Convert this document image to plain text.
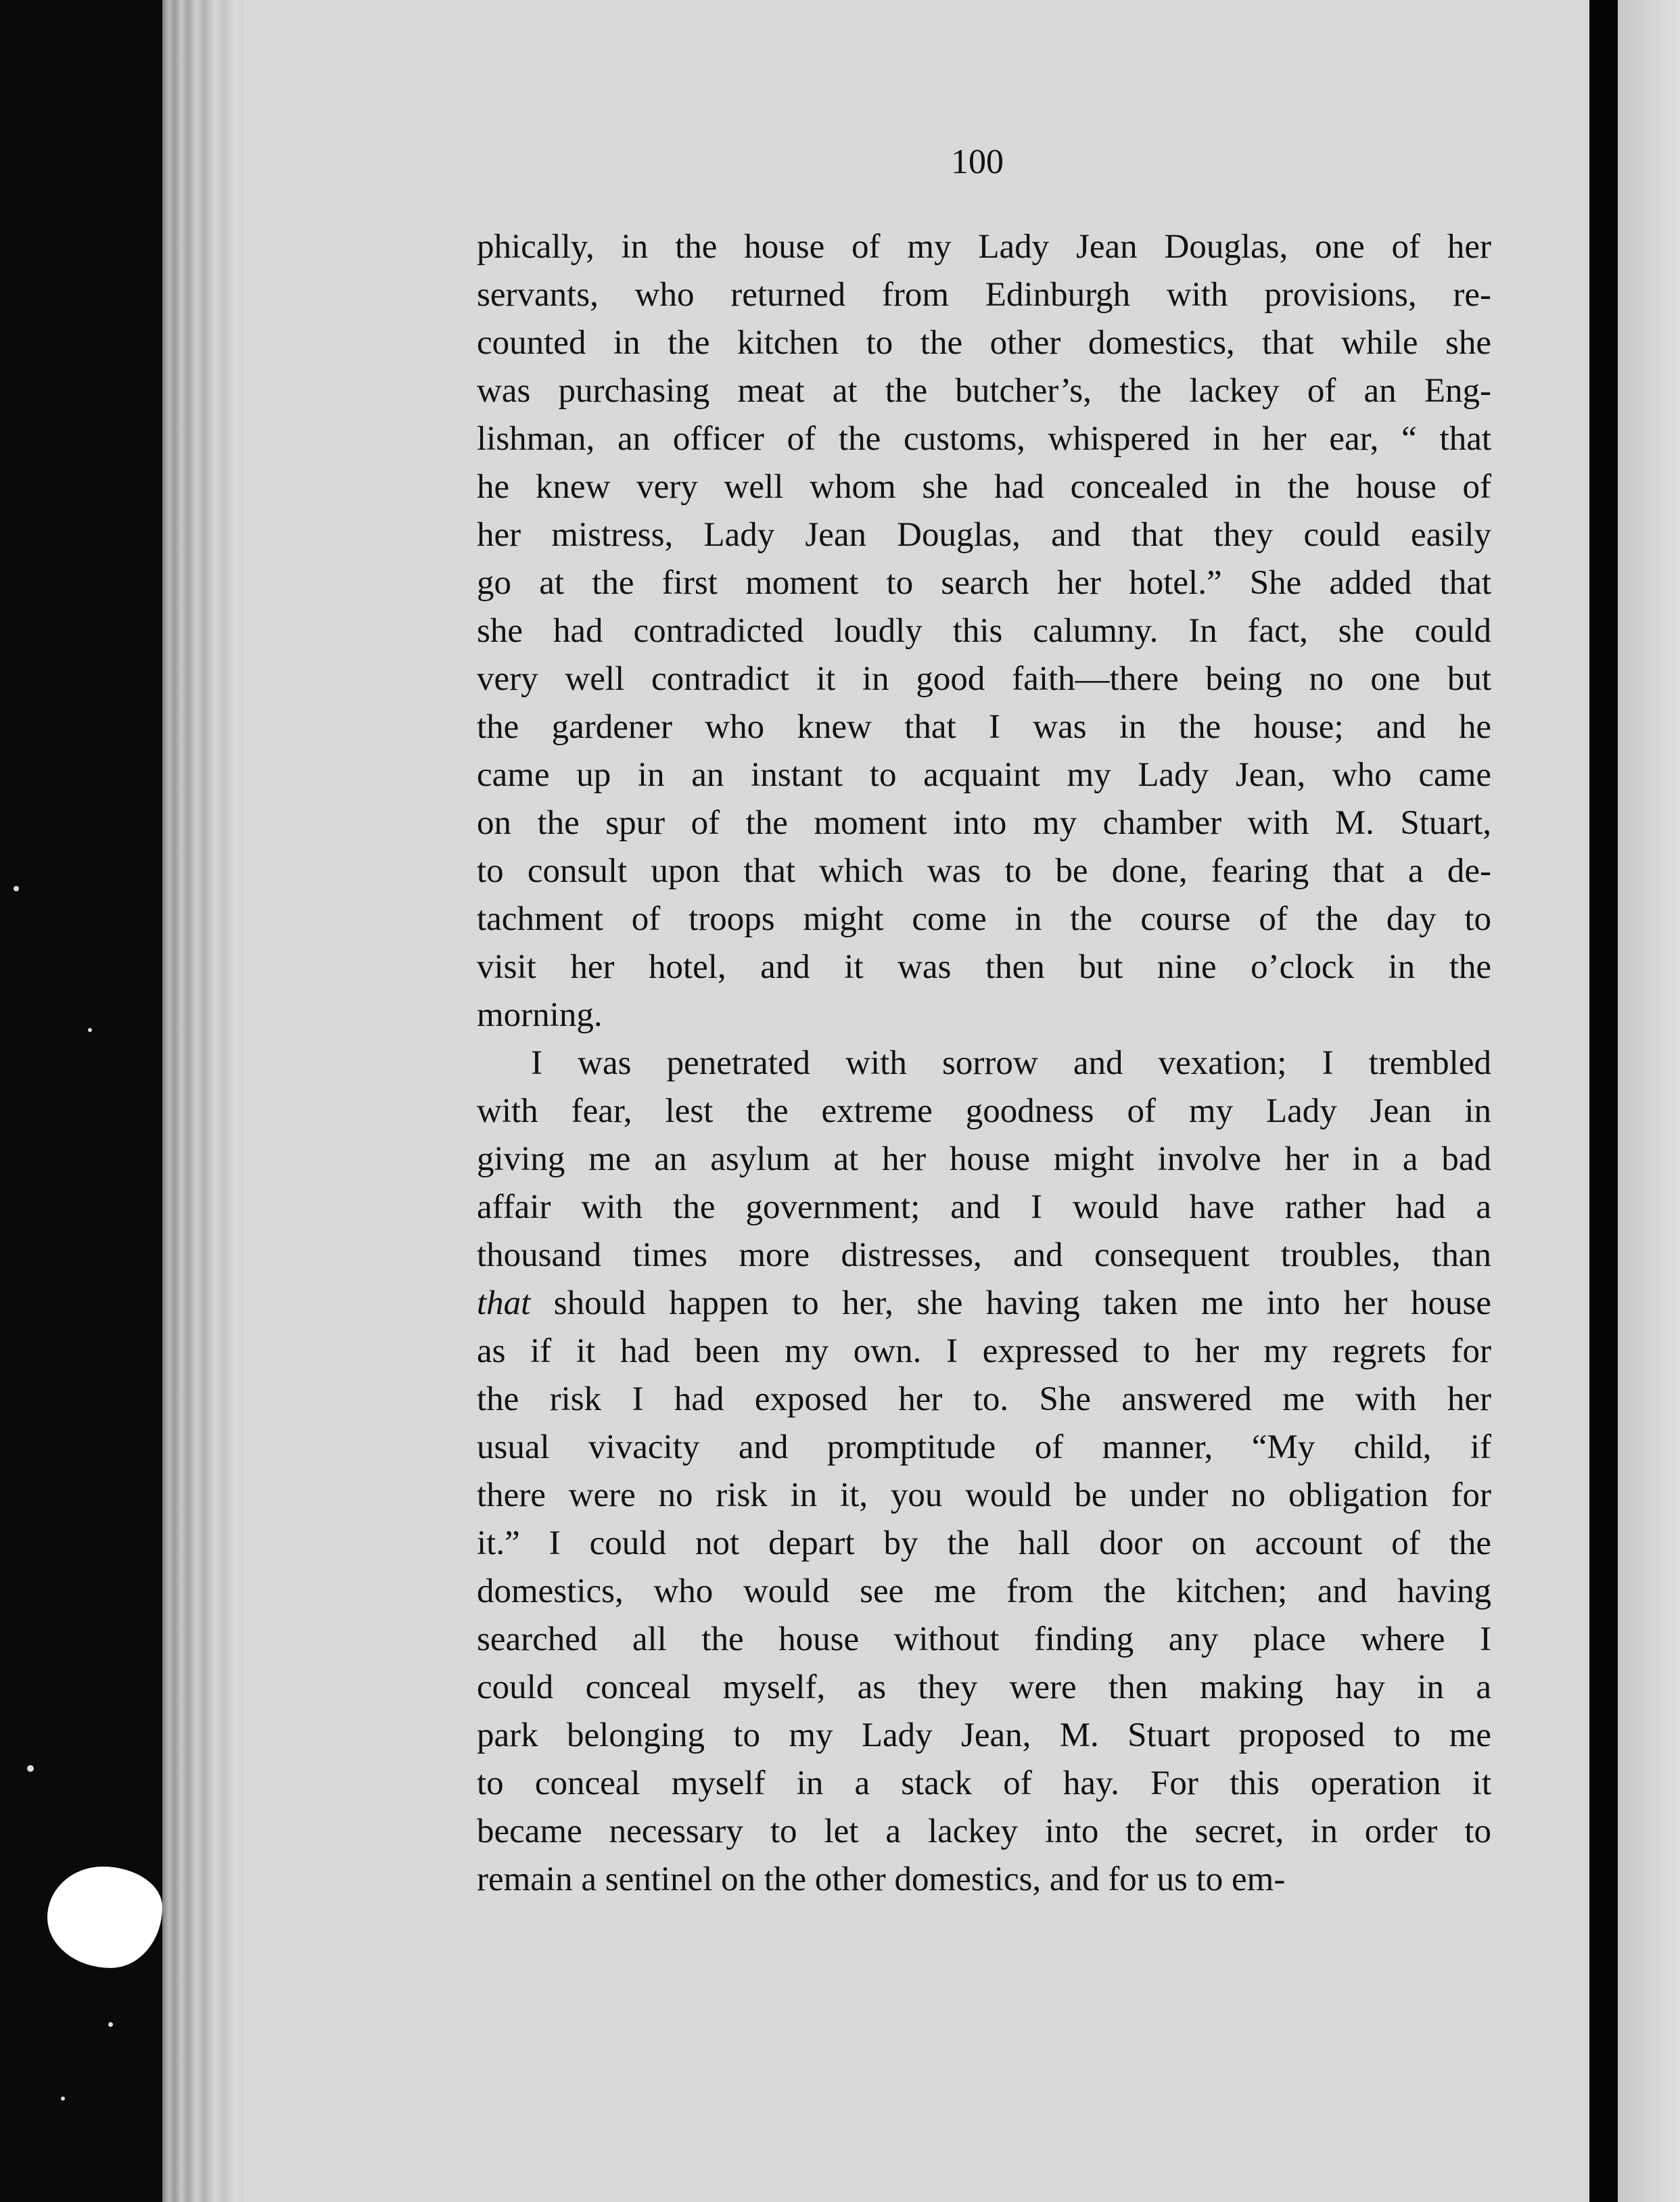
100

phically, in the house of my Lady Jean Douglas, one of her
servants, who returned from Edinburgh with provisions, re-
counted in the kitchen to the other domestics, that while she
was purchasing meat at the butcher’s, the lackey of an Eng-
lishman, an officer of the customs, whispered in her ear, “ that
he knew very well whom she had concealed in the house of
her mistress, Lady Jean Douglas, and that they could easily
go at the first moment to search her hotel.” She added that
she had contradicted loudly this calumny. In fact, she could
very well contradict it in good faith—there being no one but
the gardener who knew that I was in the house; and he
came up in an instant to acquaint my Lady Jean, who came
on the spur of the moment into my chamber with M. Stuart,
to consult upon that which was to be done, fearing that a de-
tachment of troops might come in the course of the day to
visit her hotel, and it was then but nine o’clock in the
morning.
I was penetrated with sorrow and vexation; I trembled
with fear, lest the extreme goodness of my Lady Jean in
giving me an asylum at her house might involve her in a bad
affair with the government; and I would have rather had a
thousand times more distresses, and consequent troubles, than
that should happen to her, she having taken me into her house
as if it had been my own. I expressed to her my regrets for
the risk I had exposed her to. She answered me with her
usual vivacity and promptitude of manner, “My child, if
there were no risk in it, you would be under no obligation for
it.” I could not depart by the hall door on account of the
domestics, who would see me from the kitchen; and having
searched all the house without finding any place where I
could conceal myself, as they were then making hay in a
park belonging to my Lady Jean, M. Stuart proposed to me
to conceal myself in a stack of hay. For this operation it
became necessary to let a lackey into the secret, in order to
remain a sentinel on the other domestics, and for us to em-
